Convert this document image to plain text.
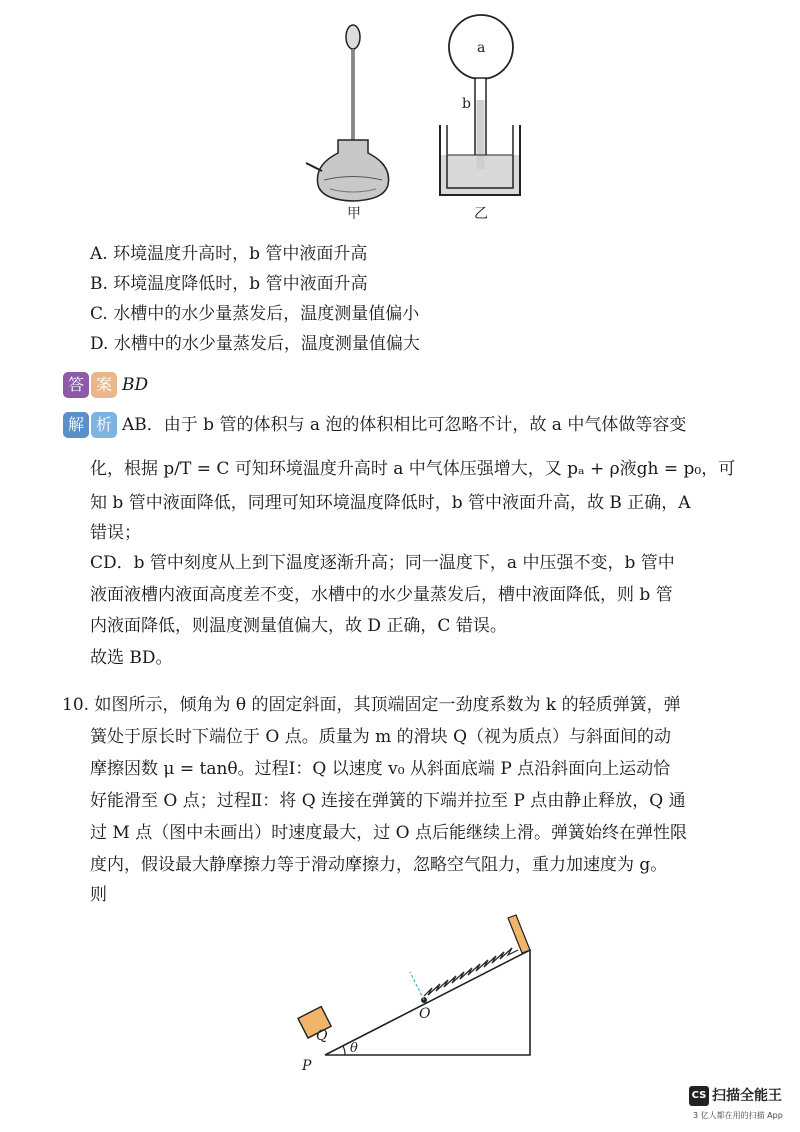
甲
a
b
乙
A. 环境温度升高时，b 管中液面升高
B. 环境温度降低时，b 管中液面升高
C. 水槽中的水少量蒸发后，温度测量值偏小
D. 水槽中的水少量蒸发后，温度测量值偏大
答 案 BD
解 析 AB．由于 b 管的体积与 a 泡的体积相比可忽略不计，故 a 中气体做等容变
化，根据 p/T = C 可知环境温度升高时 a 中气体压强增大，又 pₐ + ρ液gh = p₀，可
知 b 管中液面降低，同理可知环境温度降低时，b 管中液面升高，故 B 正确，A
错误；
CD．b 管中刻度从上到下温度逐渐升高；同一温度下，a 中压强不变，b 管中
液面液槽内液面高度差不变，水槽中的水少量蒸发后，槽中液面降低，则 b 管
内液面降低，则温度测量值偏大，故 D 正确，C 错误。
故选 BD。
10. 如图所示，倾角为 θ 的固定斜面，其顶端固定一劲度系数为 k 的轻质弹簧，弹
簧处于原长时下端位于 O 点。质量为 m 的滑块 Q（视为质点）与斜面间的动
摩擦因数 μ = tanθ。过程Ⅰ：Q 以速度 v₀ 从斜面底端 P 点沿斜面向上运动恰
好能滑至 O 点；过程Ⅱ：将 Q 连接在弹簧的下端并拉至 P 点由静止释放，Q 通
过 M 点（图中未画出）时速度最大，过 O 点后能继续上滑。弹簧始终在弹性限
度内，假设最大静摩擦力等于滑动摩擦力，忽略空气阻力，重力加速度为 g。
则
Q
O
P
θ
CS 扫描全能王
3 亿人都在用的扫描 App
